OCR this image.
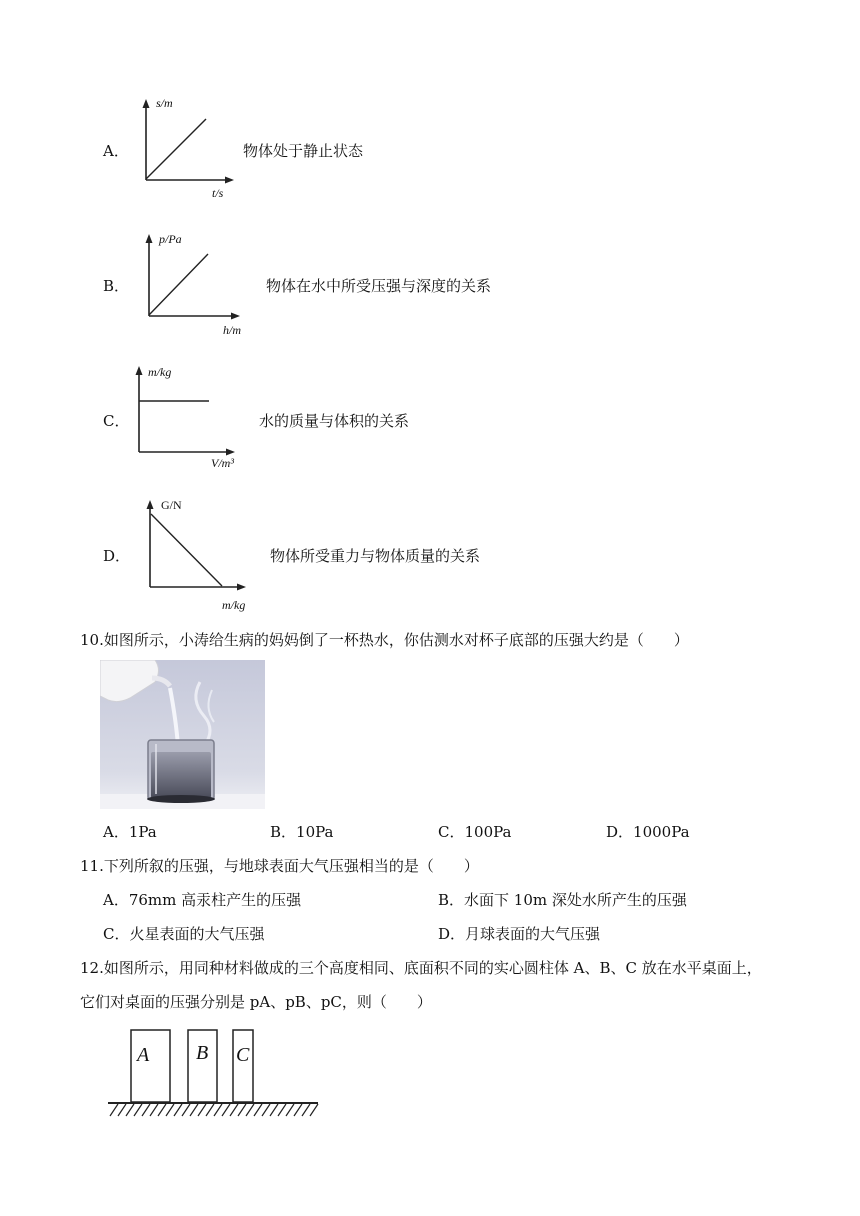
A．
s/m
t/s
物体处于静止状态
B．
p/Pa
h/m
物体在水中所受压强与深度的关系
C．
m/kg
V/m³
水的质量与体积的关系
D．
G/N
m/kg
物体所受重力与物体质量的关系
10.如图所示，小涛给生病的妈妈倒了一杯热水，你估测水对杯子底部的压强大约是（　　）
A．1Pa	B．10Pa	C．100Pa	D．1000Pa
11.下列所叙的压强，与地球表面大气压强相当的是（　　）
A．76mm 高汞柱产生的压强	B．水面下 10m 深处水所产生的压强
C．火星表面的大气压强	D．月球表面的大气压强
12.如图所示，用同种材料做成的三个高度相同、底面积不同的实心圆柱体 A、B、C 放在水平桌面上，
它们对桌面的压强分别是 pA、pB、pC，则（　　）
A B C
